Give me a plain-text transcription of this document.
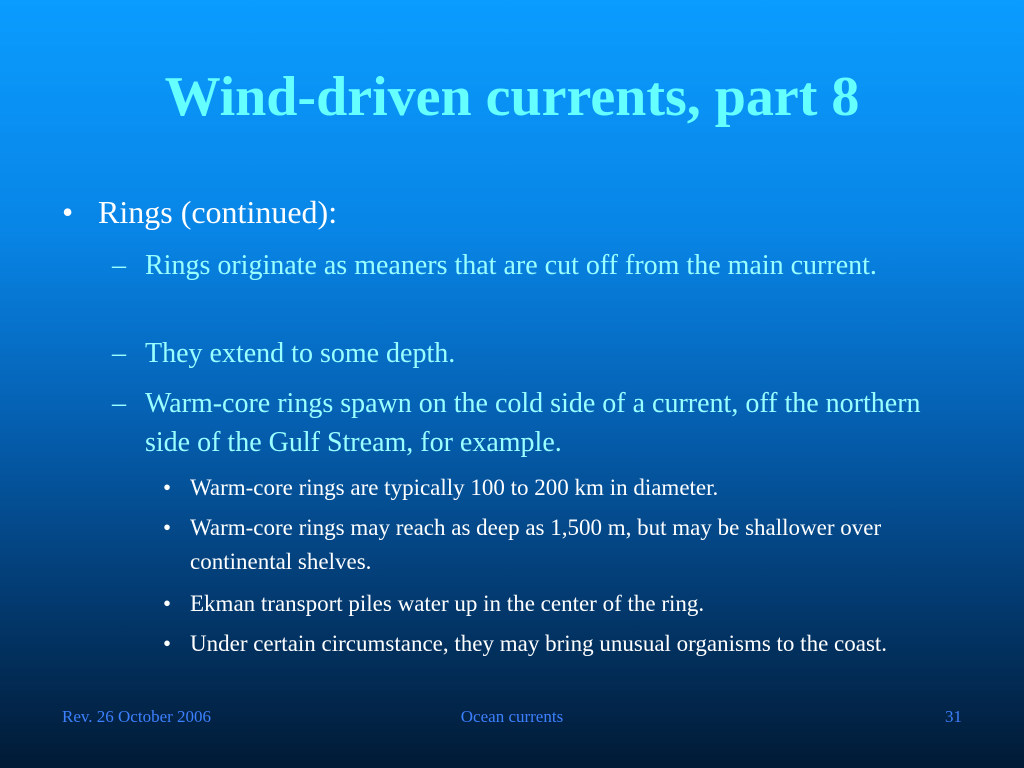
Wind-driven currents, part 8
• Rings (continued):
– Rings originate as meaners that are cut off from the main current.
– They extend to some depth.
– Warm-core rings spawn on the cold side of a current, off the northern side of the Gulf Stream, for example.
• Warm-core rings are typically 100 to 200 km in diameter.
• Warm-core rings may reach as deep as 1,500 m, but may be shallower over continental shelves.
• Ekman transport piles water up in the center of the ring.
• Under certain circumstance, they may bring unusual organisms to the coast.
Rev. 26 October 2006	Ocean currents	31
